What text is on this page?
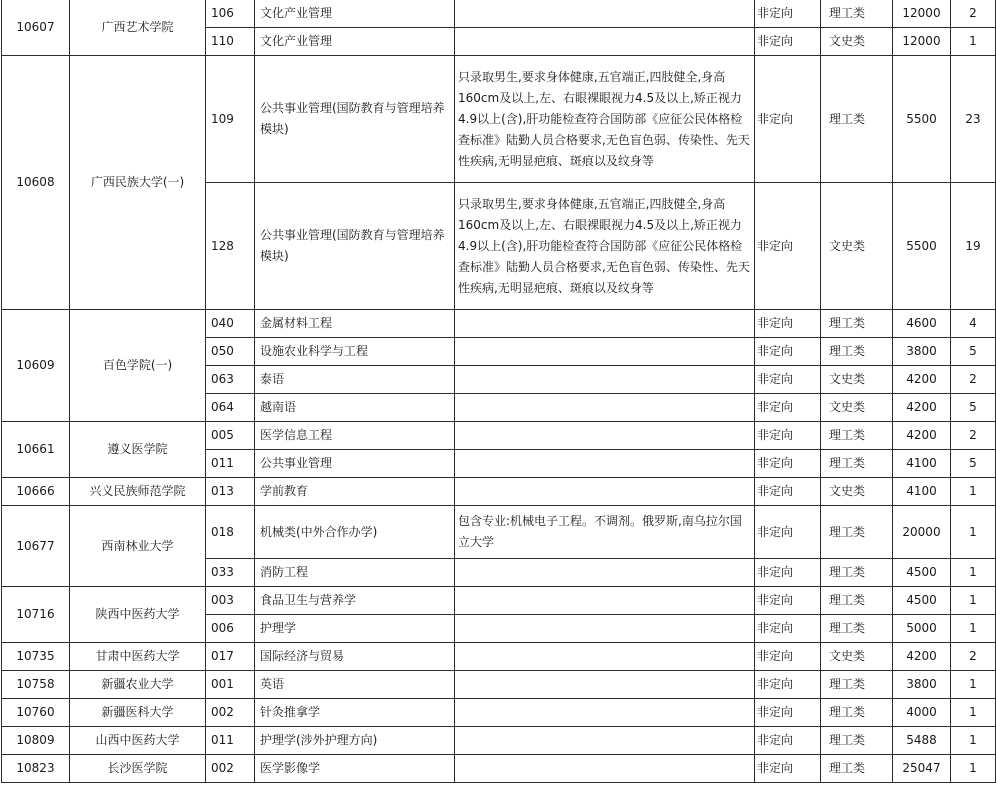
10607	广西艺术学院	106	文化产业管理		非定向	理工类	12000	2
		110	文化产业管理		非定向	文史类	12000	1
10608	广西民族大学(一)	109	公共事业管理(国防教育与管理培养模块)	只录取男生,要求身体健康,五官端正,四肢健全,身高160cm及以上,左、右眼裸眼视力4.5及以上,矫正视力4.9以上(含),肝功能检查符合国防部《应征公民体格检查标准》陆勤人员合格要求,无色盲色弱、传染性、先天性疾病,无明显疤痕、斑痕以及纹身等	非定向	理工类	5500	23
		128	公共事业管理(国防教育与管理培养模块)	只录取男生,要求身体健康,五官端正,四肢健全,身高160cm及以上,左、右眼裸眼视力4.5及以上,矫正视力4.9以上(含),肝功能检查符合国防部《应征公民体格检查标准》陆勤人员合格要求,无色盲色弱、传染性、先天性疾病,无明显疤痕、斑痕以及纹身等	非定向	文史类	5500	19
10609	百色学院(一)	040	金属材料工程		非定向	理工类	4600	4
		050	设施农业科学与工程		非定向	理工类	3800	5
		063	泰语		非定向	文史类	4200	2
		064	越南语		非定向	文史类	4200	5
10661	遵义医学院	005	医学信息工程		非定向	理工类	4200	2
		011	公共事业管理		非定向	理工类	4100	5
10666	兴义民族师范学院	013	学前教育		非定向	文史类	4100	1
10677	西南林业大学	018	机械类(中外合作办学)	包含专业:机械电子工程。不调剂。俄罗斯,南乌拉尔国立大学	非定向	理工类	20000	1
		033	消防工程		非定向	理工类	4500	1
10716	陕西中医药大学	003	食品卫生与营养学		非定向	理工类	4500	1
		006	护理学		非定向	理工类	5000	1
10735	甘肃中医药大学	017	国际经济与贸易		非定向	文史类	4200	2
10758	新疆农业大学	001	英语		非定向	理工类	3800	1
10760	新疆医科大学	002	针灸推拿学		非定向	理工类	4000	1
10809	山西中医药大学	011	护理学(涉外护理方向)		非定向	理工类	5488	1
10823	长沙医学院	002	医学影像学		非定向	理工类	25047	1
